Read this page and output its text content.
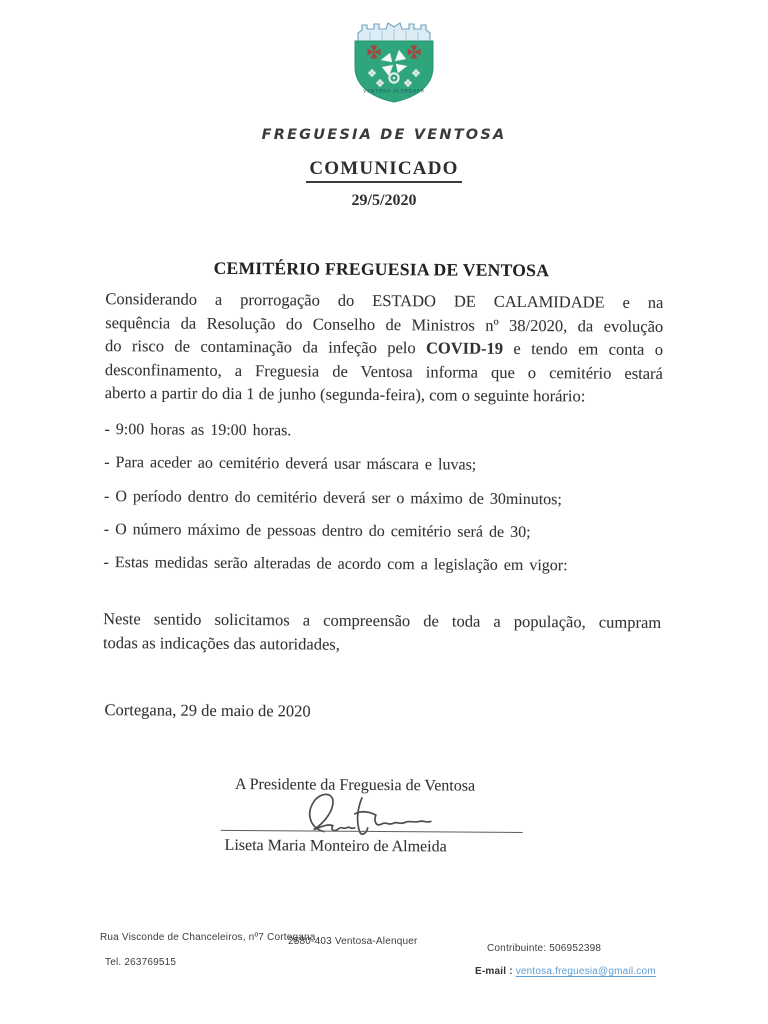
VENTOSA ALENQUER
FREGUESIA DE VENTOSA
COMUNICADO
29/5/2020
CEMITÉRIO FREGUESIA DE VENTOSA
Considerando a prorrogação do ESTADO DE CALAMIDADE e na
sequência da Resolução do Conselho de Ministros nº 38/2020, da evolução
do risco de contaminação da infeção pelo COVID-19 e tendo em conta o
desconfinamento, a Freguesia de Ventosa informa que o cemitério estará
aberto a partir do dia 1 de junho (segunda-feira), com o seguinte horário:
- 9:00 horas as 19:00 horas.
- Para aceder ao cemitério deverá usar máscara e luvas;
- O período dentro do cemitério deverá ser o máximo de 30minutos;
- O número máximo de pessoas dentro do cemitério será de 30;
- Estas medidas serão alteradas de acordo com a legislação em vigor:
Neste sentido solicitamos a compreensão de toda a população, cumpram
todas as indicações das autoridades,
Cortegana, 29 de maio de 2020
A Presidente da Freguesia de Ventosa
Liseta Maria Monteiro de Almeida
Rua Visconde de Chanceleiros, nº7 Cortegana
2580-403 Ventosa-Alenquer
Contribuinte: 506952398
Tel. 263769515
E-mail : ventosa.freguesia@gmail.com
